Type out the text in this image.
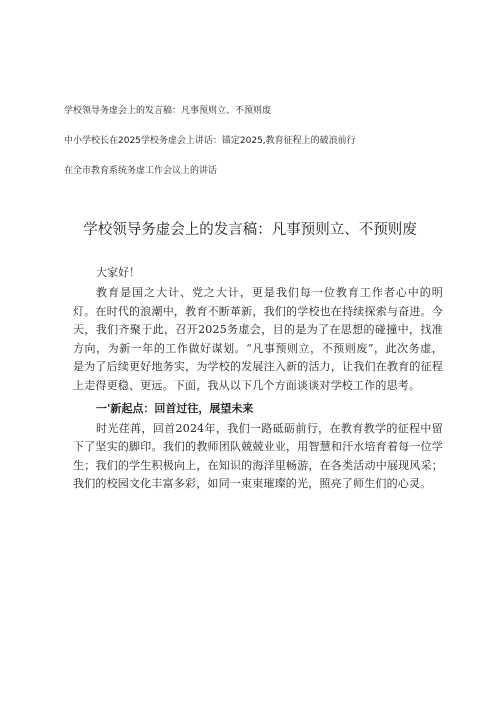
学校领导务虚会上的发言稿：凡事预则立、不预则废
中小学校长在2025学校务虚会上讲话：锚定2025,教育征程上的破浪前行
在全市教育系统务虚工作会议上的讲话
学校领导务虚会上的发言稿：凡事预则立、不预则废
大家好！

教育是国之大计、党之大计，更是我们每一位教育工作者心中的明灯。在时代的浪潮中，教育不断革新，我们的学校也在持续探索与奋进。今天，我们齐聚于此，召开2025务虚会，目的是为了在思想的碰撞中，找准方向，为新一年的工作做好谋划。“凡事预则立，不预则废”，此次务虚，是为了后续更好地务实，为学校的发展注入新的活力，让我们在教育的征程上走得更稳、更远。下面，我从以下几个方面谈谈对学校工作的思考。

一'新起点：回首过往，展望未来

时光荏苒，回首2024年，我们一路砥砺前行，在教育教学的征程中留下了坚实的脚印。我们的教师团队兢兢业业，用智慧和汗水培育着每一位学生；我们的学生积极向上，在知识的海洋里畅游，在各类活动中展现风采；我们的校园文化丰富多彩，如同一束束璀璨的光，照亮了师生们的心灵。
